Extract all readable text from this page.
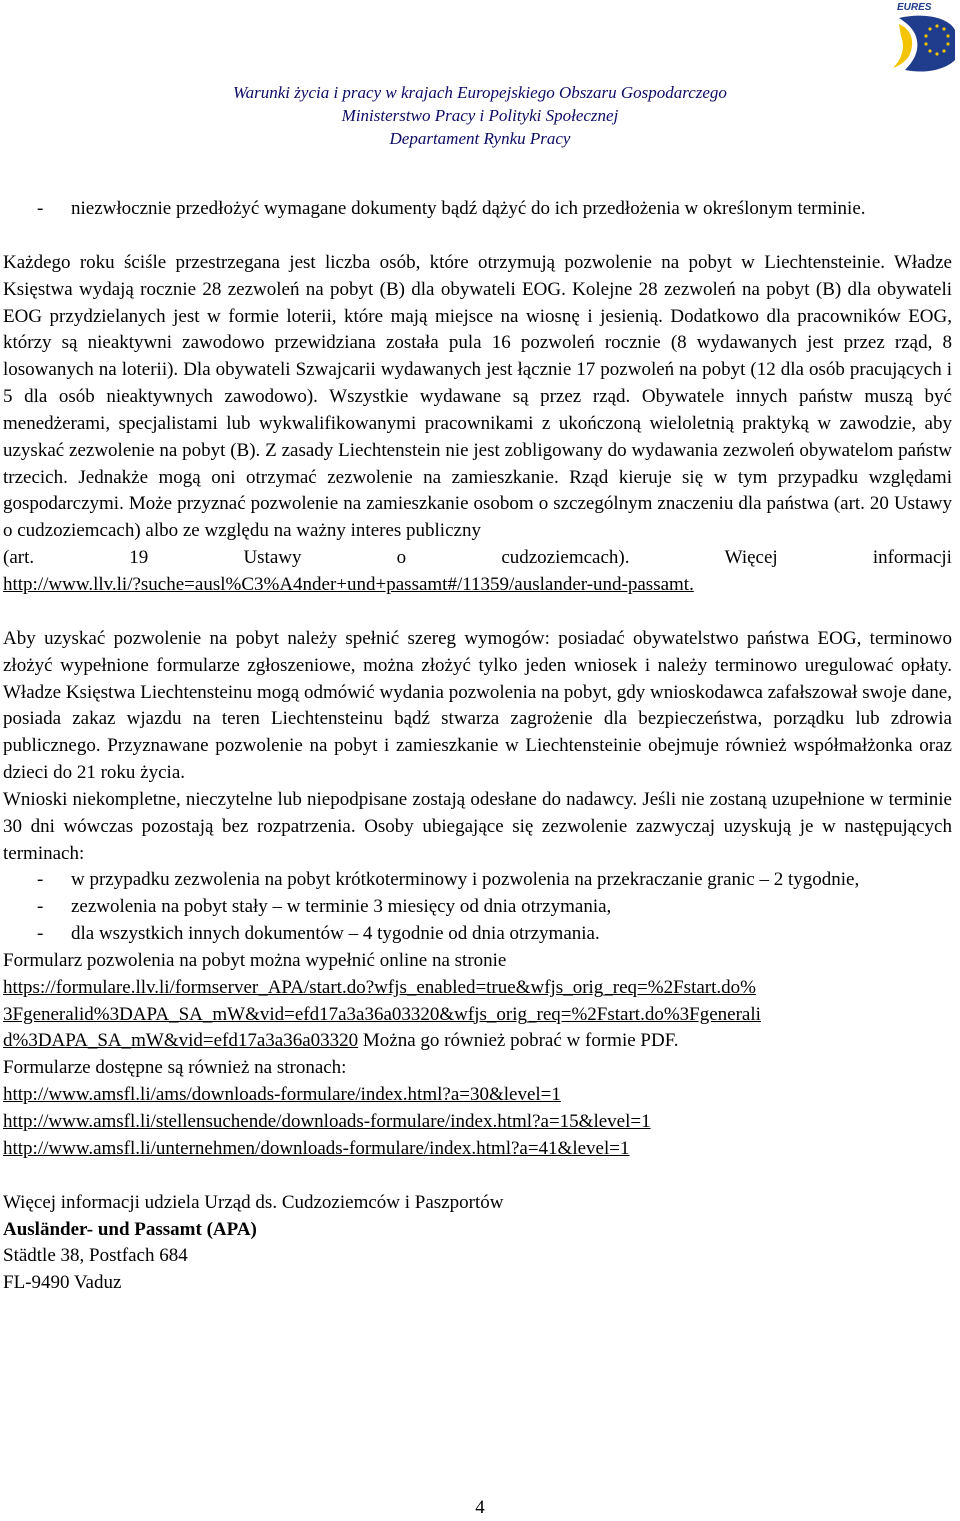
EURES
Warunki życia i pracy w krajach Europejskiego Obszaru Gospodarczego
Ministerstwo Pracy i Polityki Społecznej
Departament Rynku Pracy

- niezwłocznie przedłożyć wymagane dokumenty bądź dążyć do ich przedłożenia w określonym terminie.

Każdego roku ściśle przestrzegana jest liczba osób, które otrzymują pozwolenie na pobyt w Liechtensteinie. Władze Księstwa wydają rocznie 28 zezwoleń na pobyt (B) dla obywateli EOG. Kolejne 28 zezwoleń na pobyt (B) dla obywateli EOG przydzielanych jest w formie loterii, które mają miejsce na wiosnę i jesienią. Dodatkowo dla pracowników EOG, którzy są nieaktywni zawodowo przewidziana została pula 16 pozwoleń rocznie (8 wydawanych jest przez rząd, 8 losowanych na loterii). Dla obywateli Szwajcarii wydawanych jest łącznie 17 pozwoleń na pobyt (12 dla osób pracujących i 5 dla osób nieaktywnych zawodowo). Wszystkie wydawane są przez rząd. Obywatele innych państw muszą być menedżerami, specjalistami lub wykwalifikowanymi pracownikami z ukończoną wieloletnią praktyką w zawodzie, aby uzyskać zezwolenie na pobyt (B). Z zasady Liechtenstein nie jest zobligowany do wydawania zezwoleń obywatelom państw trzecich. Jednakże mogą oni otrzymać zezwolenie na zamieszkanie. Rząd kieruje się w tym przypadku względami gospodarczymi. Może przyznać pozwolenie na zamieszkanie osobom o szczególnym znaczeniu dla państwa (art. 20 Ustawy o cudzoziemcach) albo ze względu na ważny interes publiczny

(art.	19	Ustawy	o	cudzoziemcach).	Więcej	informacji
http://www.llv.li/?suche=ausl%C3%A4nder+und+passamt#/11359/auslander-und-passamt.

Aby uzyskać pozwolenie na pobyt należy spełnić szereg wymogów: posiadać obywatelstwo państwa EOG, terminowo złożyć wypełnione formularze zgłoszeniowe, można złożyć tylko jeden wniosek i należy terminowo uregulować opłaty. Władze Księstwa Liechtensteinu mogą odmówić wydania pozwolenia na pobyt, gdy wnioskodawca zafałszował swoje dane, posiada zakaz wjazdu na teren Liechtensteinu bądź stwarza zagrożenie dla bezpieczeństwa, porządku lub zdrowia publicznego. Przyznawane pozwolenie na pobyt i zamieszkanie w Liechtensteinie obejmuje również współmałżonka oraz dzieci do 21 roku życia.

Wnioski niekompletne, nieczytelne lub niepodpisane zostają odesłane do nadawcy. Jeśli nie zostaną uzupełnione w terminie 30 dni wówczas pozostają bez rozpatrzenia. Osoby ubiegające się zezwolenie zazwyczaj uzyskują je w następujących terminach:

- w przypadku zezwolenia na pobyt krótkoterminowy i pozwolenia na przekraczanie granic – 2 tygodnie,

- zezwolenia na pobyt stały – w terminie 3 miesięcy od dnia otrzymania,

- dla wszystkich innych dokumentów – 4 tygodnie od dnia otrzymania.

Formularz pozwolenia na pobyt można wypełnić online na stronie
https://formulare.llv.li/formserver_APA/start.do?wfjs_enabled=true&wfjs_orig_req=%2Fstart.do%
3Fgeneralid%3DAPA_SA_mW&vid=efd17a3a36a03320&wfjs_orig_req=%2Fstart.do%3Fgenerali
d%3DAPA_SA_mW&vid=efd17a3a36a03320 Można go również pobrać w formie PDF.
Formularze dostępne są również na stronach:
http://www.amsfl.li/ams/downloads-formulare/index.html?a=30&level=1
http://www.amsfl.li/stellensuchende/downloads-formulare/index.html?a=15&level=1
http://www.amsfl.li/unternehmen/downloads-formulare/index.html?a=41&level=1
Więcej informacji udziela Urząd ds. Cudzoziemców i Paszportów
Ausländer- und Passamt (APA)
Städtle 38, Postfach 684
FL-9490 Vaduz
4
